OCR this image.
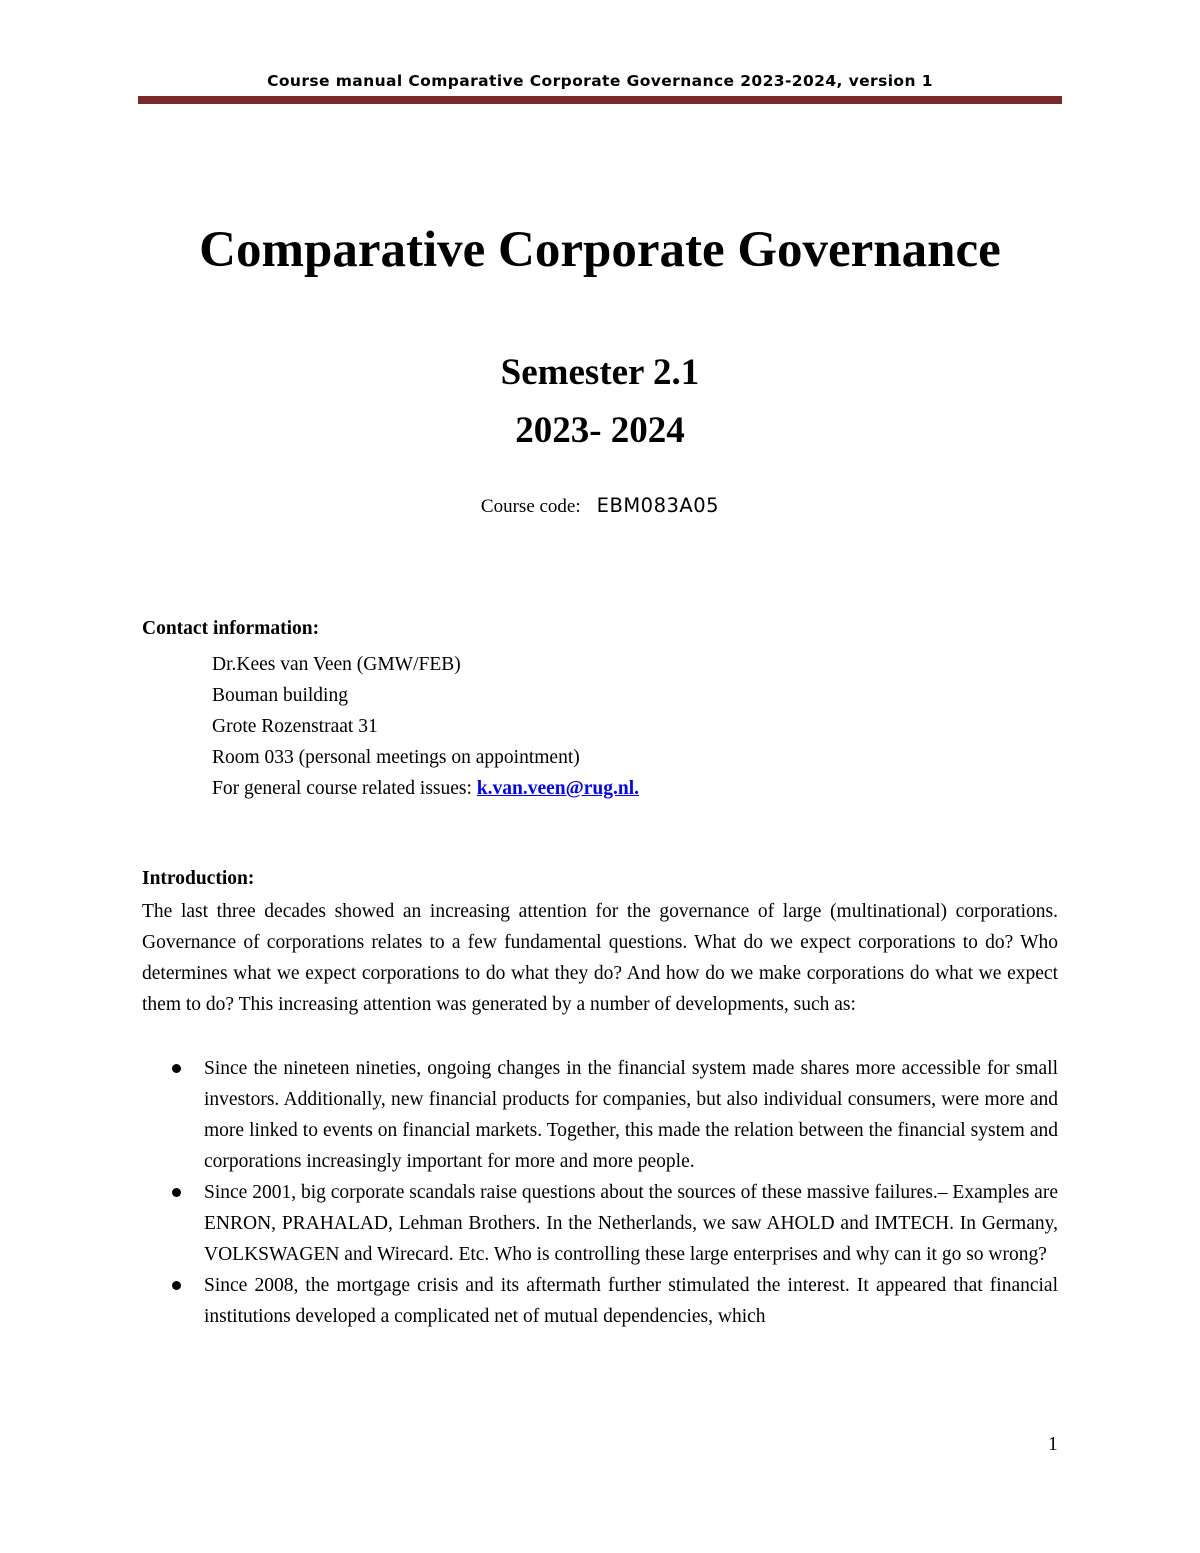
Course manual Comparative Corporate Governance 2023-2024, version 1
Comparative Corporate Governance
Semester 2.1
2023- 2024
Course code: EBM083A05
Contact information:
Dr.Kees van Veen (GMW/FEB)
Bouman building
Grote Rozenstraat 31
Room 033 (personal meetings on appointment)
For general course related issues: k.van.veen@rug.nl.
Introduction:

The last three decades showed an increasing attention for the governance of large (multinational) corporations. Governance of corporations relates to a few fundamental questions. What do we expect corporations to do? Who determines what we expect corporations to do what they do? And how do we make corporations do what we expect them to do? This increasing attention was generated by a number of developments, such as:

Since the nineteen nineties, ongoing changes in the financial system made shares more accessible for small investors. Additionally, new financial products for companies, but also individual consumers, were more and more linked to events on financial markets. Together, this made the relation between the financial system and corporations increasingly important for more and more people.
Since 2001, big corporate scandals raise questions about the sources of these massive failures.– Examples are ENRON, PRAHALAD, Lehman Brothers. In the Netherlands, we saw AHOLD and IMTECH. In Germany, VOLKSWAGEN and Wirecard. Etc. Who is controlling these large enterprises and why can it go so wrong?
Since 2008, the mortgage crisis and its aftermath further stimulated the interest. It appeared that financial institutions developed a complicated net of mutual dependencies, which
1
